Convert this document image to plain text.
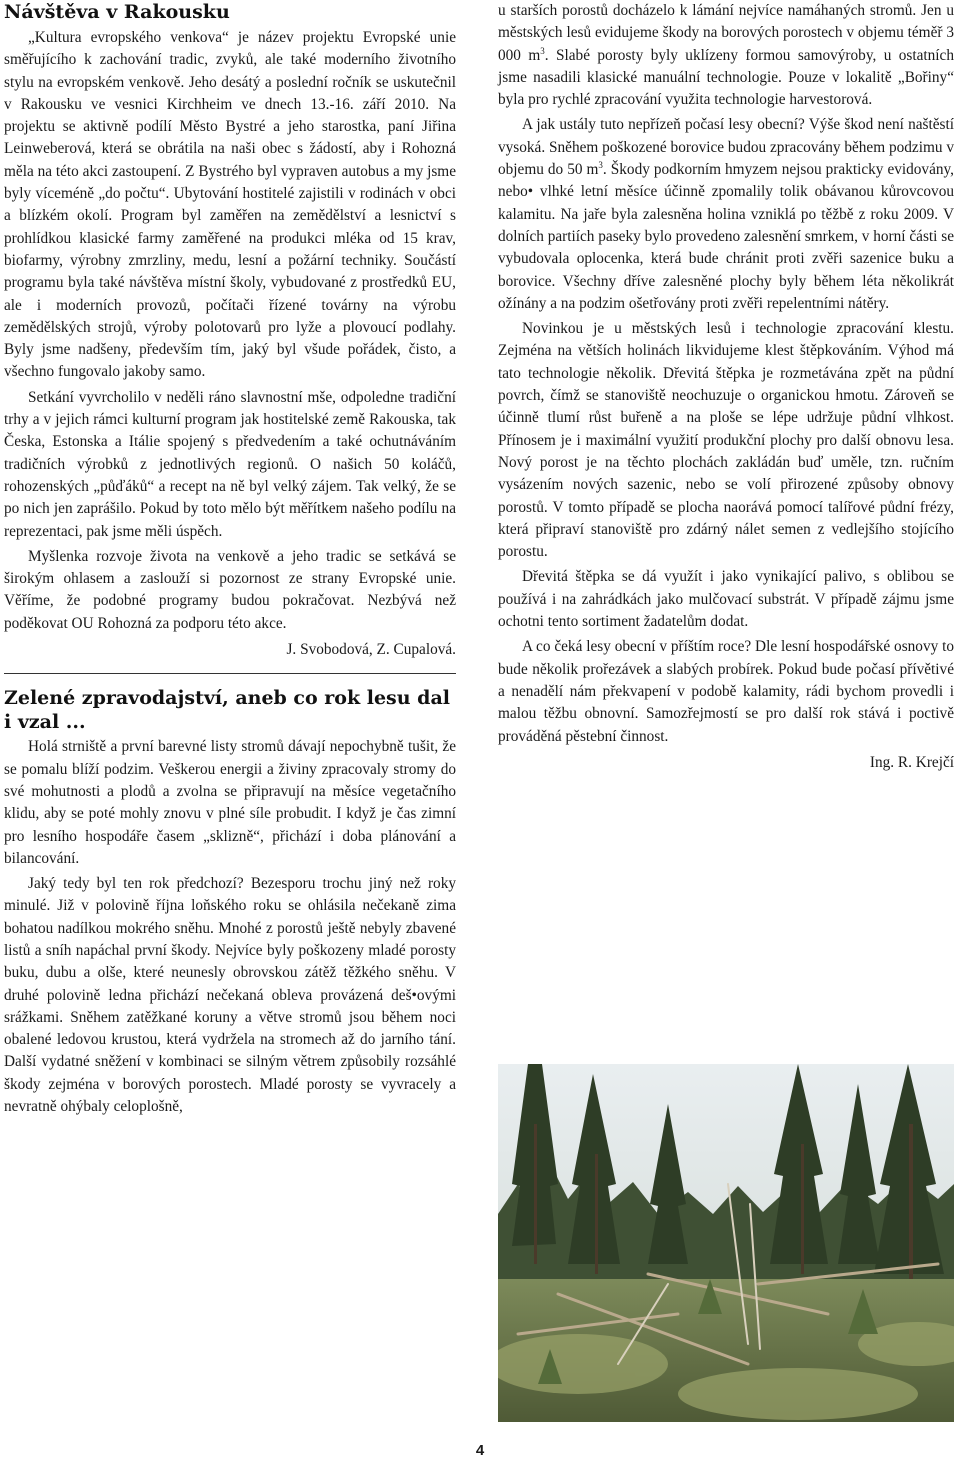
Návštěva v Rakousku

„Kultura evropského venkova“ je název projektu Evropské unie směřujícího k zachování tradic, zvyků, ale také moderního životního stylu na evropském venkově. Jeho desátý a poslední ročník se uskutečnil v Rakousku ve vesnici Kirchheim ve dnech 13.-16. září 2010. Na projektu se aktivně podílí Město Bystré a jeho starostka, paní Jiřina Leinweberová, která se obrátila na naši obec s žádostí, aby i Rohozná měla na této akci zastoupení. Z Bystrého byl vypraven autobus a my jsme byly víceméně „do počtu“. Ubytování hostitelé zajistili v rodinách v obci a blízkém okolí. Program byl zaměřen na zemědělství a lesnictví s prohlídkou klasické farmy zaměřené na produkci mléka od 15 krav, biofarmy, výrobny zmrzliny, medu, lesní a požární techniky. Součástí programu byla také návštěva místní školy, vybudované z prostředků EU, ale i moderních provozů, počítači řízené továrny na výrobu zemědělských strojů, výroby polotovarů pro lyže a plovoucí podlahy. Byly jsme nadšeny, především tím, jaký byl všude pořádek, čisto, a všechno fungovalo jakoby samo.

Setkání vyvrcholilo v neděli ráno slavnostní mše, odpoledne tradiční trhy a v jejich rámci kulturní program jak hostitelské země Rakouska, tak Česka, Estonska a Itálie spojený s předvedením a také ochutnáváním tradičních výrobků z jednotlivých regionů. O našich 50 koláčů, rohozenských „půďáků“ a recept na ně byl velký zájem. Tak velký, že se po nich jen zaprášilo. Pokud by toto mělo být měřítkem našeho podílu na reprezentaci, pak jsme měli úspěch.

Myšlenka rozvoje života na venkově a jeho tradic se setkává se širokým ohlasem a zaslouží si pozornost ze strany Evropské unie. Věříme, že podobné programy budou pokračovat. Nezbývá než poděkovat OU Rohozná za podporu této akce.

J. Svobodová, Z. Cupalová.

Zelené zpravodajství, aneb co rok lesu dal i vzal ...

Holá strniště a první barevné listy stromů dávají nepochybně tušit, že se pomalu blíží podzim. Veškerou energii a živiny zpracovaly stromy do své mohutnosti a plodů a zvolna se připravují na měsíce vegetačního klidu, aby se poté mohly znovu v plné síle probudit. I když je čas zimní pro lesního hospodáře časem „sklizně“, přichází i doba plánování a bilancování.

Jaký tedy byl ten rok předchozí? Bezesporu trochu jiný než roky minulé. Již v polovině října loňského roku se ohlásila nečekaně zima bohatou nadílkou mokrého sněhu. Mnohé z porostů ještě nebyly zbavené listů a sníh napáchal první škody. Nejvíce byly poškozeny mladé porosty buku, dubu a olše, které neunesly obrovskou zátěž těžkého sněhu. V druhé polovině ledna přichází nečekaná obleva provázená deš•ovými srážkami. Sněhem zatěžkané koruny a větve stromů jsou během noci obalené ledovou krustou, která vydržela na stromech až do jarního tání. Další vydatné sněžení v kombinaci se silným větrem způsobily rozsáhlé škody zejména v borových porostech. Mladé porosty se vyvracely a nevratně ohýbaly celoplošně,

u starších porostů docházelo k lámání nejvíce namáhaných stromů. Jen u městských lesů evidujeme škody na borových porostech v objemu téměř 3 000 $m^3$. Slabé porosty byly uklízeny formou samovýroby, u ostatních jsme nasadili klasické manuální technologie. Pouze v lokalitě „Bořiny“ byla pro rychlé zpracování využita technologie harvestorová.

A jak ustály tuto nepřízeň počasí lesy obecní? Výše škod není naštěstí vysoká. Sněhem poškozené borovice budou zpracovány během podzimu v objemu do 50 $m^3$. Škody podkorním hmyzem nejsou prakticky evidovány, nebo• vlhké letní měsíce účinně zpomalily tolik obávanou kůrovcovou kalamitu. Na jaře byla zalesněna holina vzniklá po těžbě z roku 2009. V dolních partiích paseky bylo provedeno zalesnění smrkem, v horní části se vybudovala oplocenka, která bude chránit proti zvěři sazenice buku a borovice. Všechny dříve zalesněné plochy byly během léta několikrát ožínány a na podzim ošetřovány proti zvěři repelentními nátěry.

Novinkou je u městských lesů i technologie zpracování klestu. Zejména na větších holinách likvidujeme klest štěpkováním. Výhod má tato technologie několik. Dřevitá štěpka je rozmetávána zpět na půdní povrch, čímž se stanoviště neochuzuje o organickou hmotu. Zároveň se účinně tlumí růst buřeně a na ploše se lépe udržuje půdní vlhkost. Přínosem je i maximální využití produkční plochy pro další obnovu lesa. Nový porost je na těchto plochách zakládán buď uměle, tzn. ručním vysázením nových sazenic, nebo se volí přirozené způsoby obnovy porostů. V tomto případě se plocha naorává pomocí talířové půdní frézy, která připraví stanoviště pro zdárný nálet semen z vedlejšího stojícího porostu.

Dřevitá štěpka se dá využít i jako vynikající palivo, s oblibou se používá i na zahrádkách jako mulčovací substrát. V případě zájmu jsme ochotni tento sortiment žadatelům dodat.

A co čeká lesy obecní v příštím roce? Dle lesní hospodářské osnovy to bude několik prořezávek a slabých probírek. Pokud bude počasí přívětivé a nenadělí nám překvapení v podobě kalamity, rádi bychom provedli i malou těžbu obnovní. Samozřejmostí se pro další rok stává i poctivě prováděná pěstební činnost.

Ing. R. Krejčí

4
